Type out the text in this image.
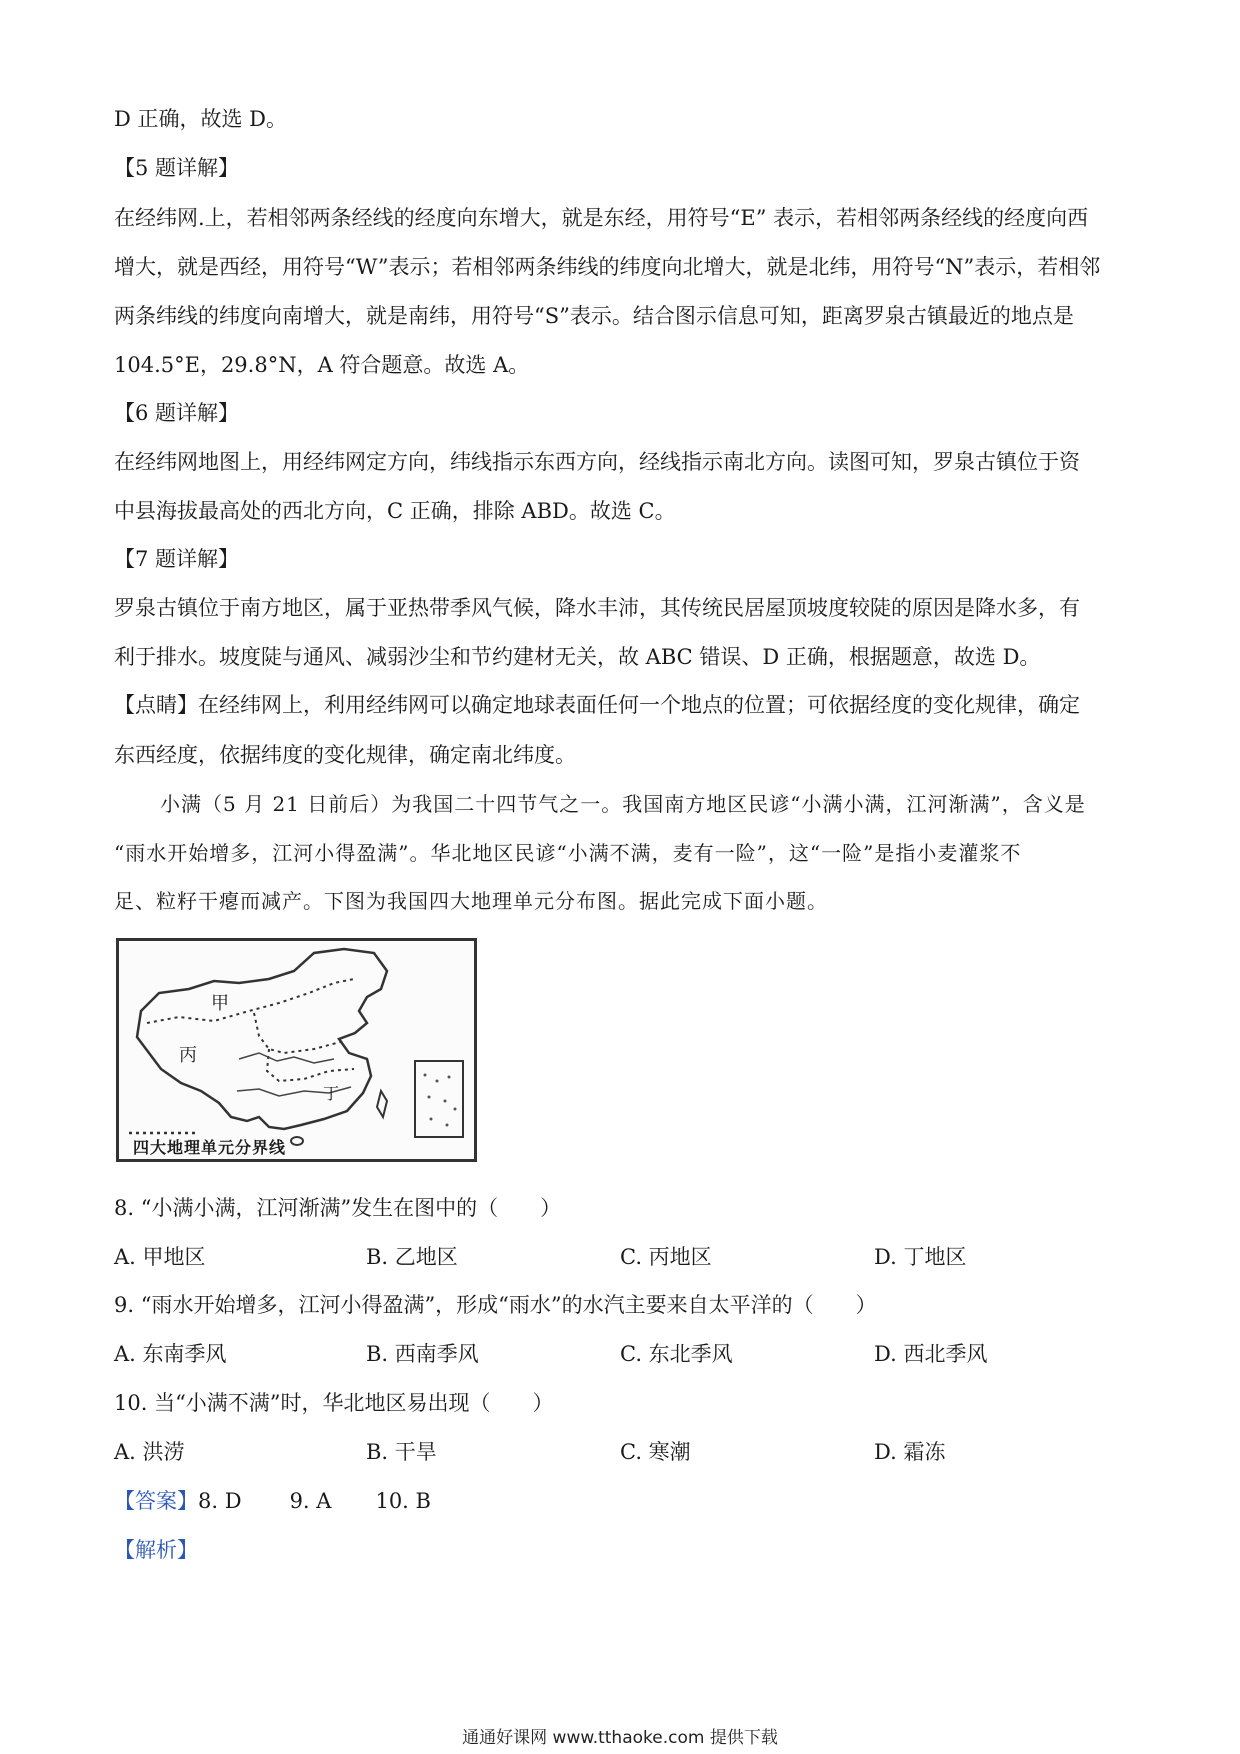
D 正确，故选 D。
【5 题详解】
在经纬网.上，若相邻两条经线的经度向东增大，就是东经，用符号“E” 表示，若相邻两条经线的经度向西
增大，就是西经，用符号“W”表示；若相邻两条纬线的纬度向北增大，就是北纬，用符号“N”表示，若相邻
两条纬线的纬度向南增大，就是南纬，用符号“S”表示。结合图示信息可知，距离罗泉古镇最近的地点是
104.5°E，29.8°N，A 符合题意。故选 A。
【6 题详解】
在经纬网地图上，用经纬网定方向，纬线指示东西方向，经线指示南北方向。读图可知，罗泉古镇位于资
中县海拔最高处的西北方向，C 正确，排除 ABD。故选 C。
【7 题详解】
罗泉古镇位于南方地区，属于亚热带季风气候，降水丰沛，其传统民居屋顶坡度较陡的原因是降水多，有
利于排水。坡度陡与通风、减弱沙尘和节约建材无关，故 ABC 错误、D 正确，根据题意，故选 D。
【点睛】在经纬网上，利用经纬网可以确定地球表面任何一个地点的位置；可依据经度的变化规律，确定
东西经度，依据纬度的变化规律，确定南北纬度。
小满（5 月 21 日前后）为我国二十四节气之一。我国南方地区民谚“小满小满，江河渐满”，含义是
“雨水开始增多，江河小得盈满”。华北地区民谚“小满不满，麦有一险”，这“一险”是指小麦灌浆不
足、粒籽干瘪而减产。下图为我国四大地理单元分布图。据此完成下面小题。
甲
丙
丁
四大地理单元分界线
8. “小满小满，江河渐满”发生在图中的（　　）
A. 甲地区	B. 乙地区	C. 丙地区	D. 丁地区
9. “雨水开始增多，江河小得盈满”，形成“雨水”的水汽主要来自太平洋的（　　）
A. 东南季风	B. 西南季风	C. 东北季风	D. 西北季风
10. 当“小满不满”时，华北地区易出现（　　）
A. 洪涝	B. 干旱	C. 寒潮	D. 霜冻
【答案】8. D 9. A 10. B
【解析】
通通好课网 www.tthaoke.com 提供下载
